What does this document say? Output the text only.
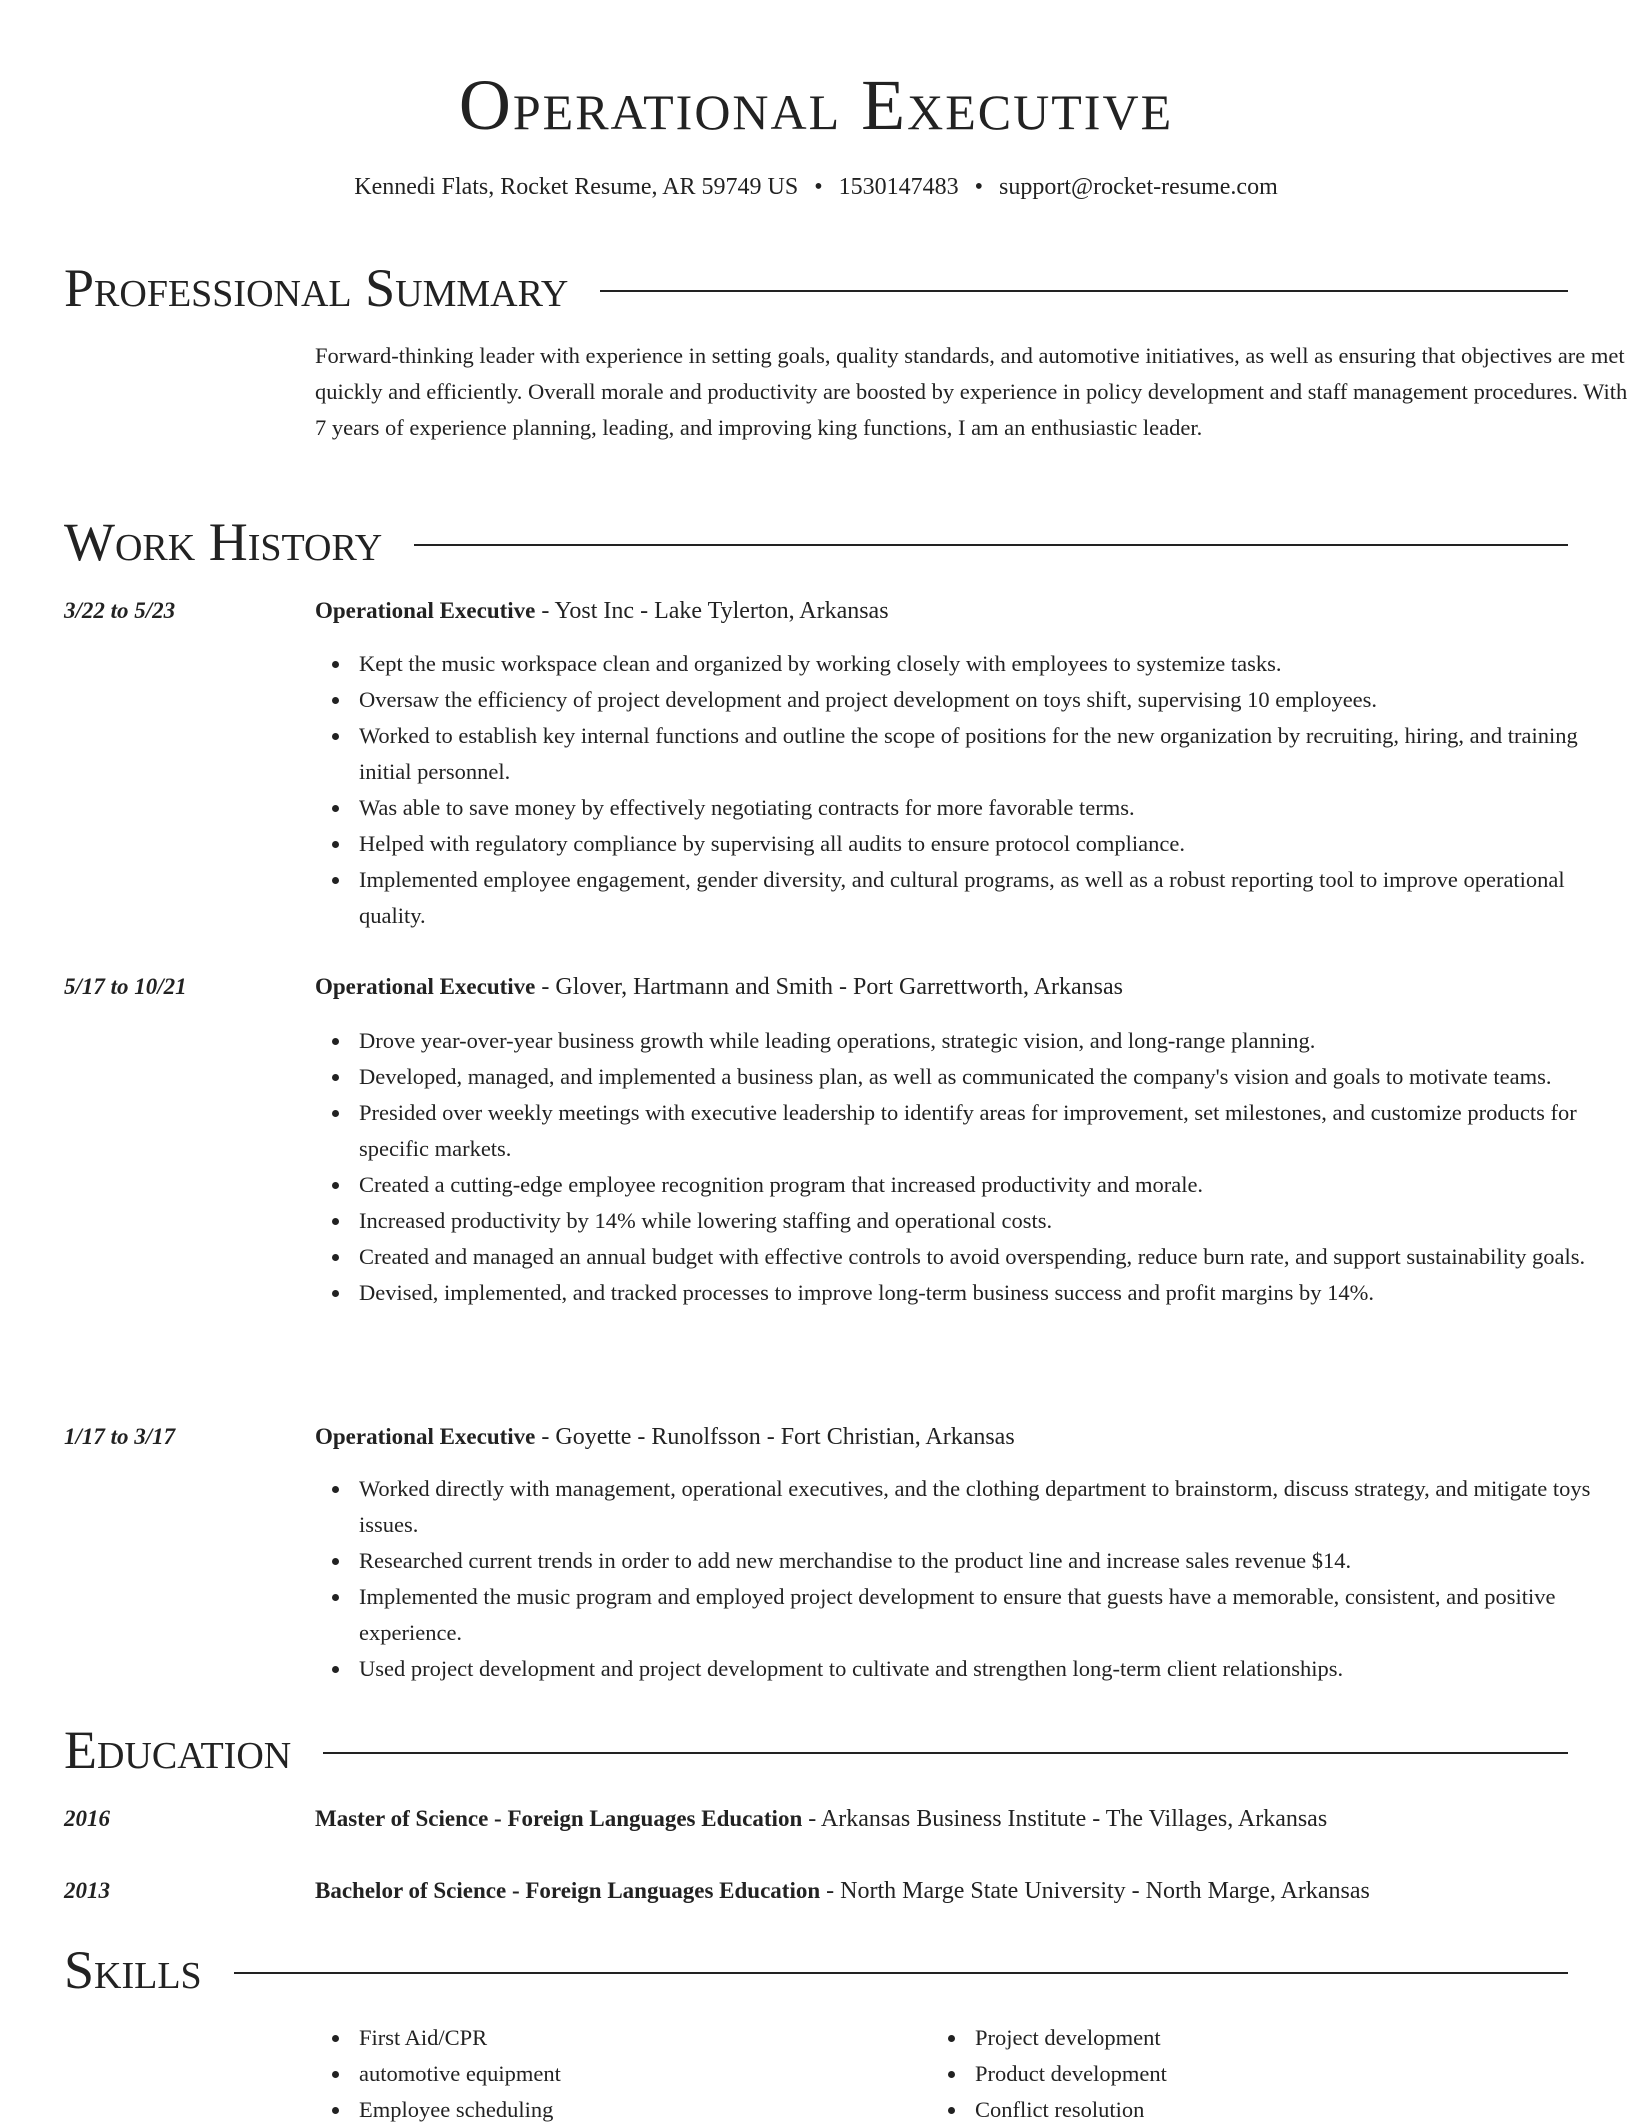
Operational Executive
Kennedi Flats, Rocket Resume, AR 59749 US • 1530147483 • support@rocket-resume.com
Professional Summary
Forward-thinking leader with experience in setting goals, quality standards, and automotive initiatives, as well as ensuring that objectives are met quickly and efficiently. Overall morale and productivity are boosted by experience in policy development and staff management procedures. With 7 years of experience planning, leading, and improving king functions, I am an enthusiastic leader.
Work History
3/22 to 5/23	Operational Executive - Yost Inc - Lake Tylerton, Arkansas
Kept the music workspace clean and organized by working closely with employees to systemize tasks.
Oversaw the efficiency of project development and project development on toys shift, supervising 10 employees.
Worked to establish key internal functions and outline the scope of positions for the new organization by recruiting, hiring, and training initial personnel.
Was able to save money by effectively negotiating contracts for more favorable terms.
Helped with regulatory compliance by supervising all audits to ensure protocol compliance.
Implemented employee engagement, gender diversity, and cultural programs, as well as a robust reporting tool to improve operational quality.
5/17 to 10/21	Operational Executive - Glover, Hartmann and Smith - Port Garrettworth, Arkansas
Drove year-over-year business growth while leading operations, strategic vision, and long-range planning.
Developed, managed, and implemented a business plan, as well as communicated the company's vision and goals to motivate teams.
Presided over weekly meetings with executive leadership to identify areas for improvement, set milestones, and customize products for specific markets.
Created a cutting-edge employee recognition program that increased productivity and morale.
Increased productivity by 14% while lowering staffing and operational costs.
Created and managed an annual budget with effective controls to avoid overspending, reduce burn rate, and support sustainability goals.
Devised, implemented, and tracked processes to improve long-term business success and profit margins by 14%.
1/17 to 3/17	Operational Executive - Goyette - Runolfsson - Fort Christian, Arkansas
Worked directly with management, operational executives, and the clothing department to brainstorm, discuss strategy, and mitigate toys issues.
Researched current trends in order to add new merchandise to the product line and increase sales revenue $14.
Implemented the music program and employed project development to ensure that guests have a memorable, consistent, and positive experience.
Used project development and project development to cultivate and strengthen long-term client relationships.
Education
2016	Master of Science - Foreign Languages Education - Arkansas Business Institute - The Villages, Arkansas
2013	Bachelor of Science - Foreign Languages Education - North Marge State University - North Marge, Arkansas
Skills
First Aid/CPR
automotive equipment
Employee scheduling
Project development
Product development
Conflict resolution
